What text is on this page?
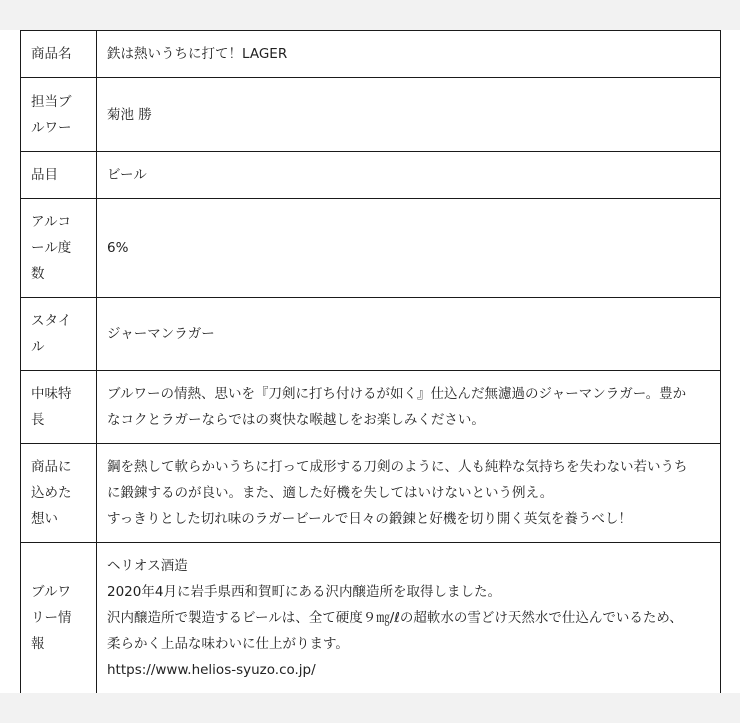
商品名	鉄は熱いうちに打て！LAGER

担当ブ
ルワー	菊池 勝

品目	ビール

アルコ
ール度
数	6%

スタイ
ル	ジャーマンラガー

中味特
長	ブルワーの情熱、思いを『刀剣に打ち付けるが如く』仕込んだ無濾過のジャーマンラガー。豊か
なコクとラガーならではの爽快な喉越しをお楽しみください。

商品に
込めた
想い	鋼を熱して軟らかいうちに打って成形する刀剣のように、人も純粋な気持ちを失わない若いうち
に鍛錬するのが良い。また、適した好機を失してはいけないという例え。
すっきりとした切れ味のラガービールで日々の鍛錬と好機を切り開く英気を養うべし！

ブルワ
リー情
報	ヘリオス酒造
2020年4月に岩手県西和賀町にある沢内醸造所を取得しました。
沢内醸造所で製造するビールは、全て硬度９㎎/ℓの超軟水の雪どけ天然水で仕込んでいるため、
柔らかく上品な味わいに仕上がります。
https://www.helios-syuzo.co.jp/
